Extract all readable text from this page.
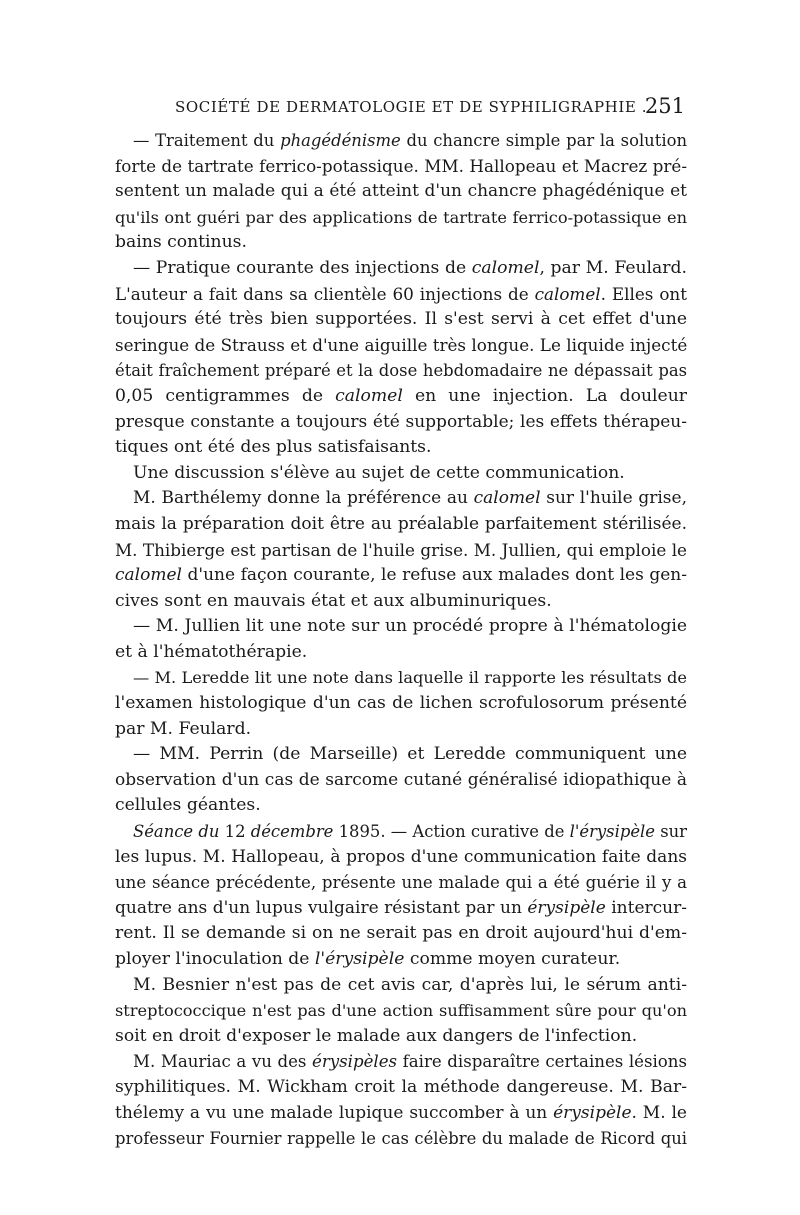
SOCIÉTÉ DE DERMATOLOGIE ET DE SYPHILIGRAPHIE .
251
— Traitement du phagédénisme du chancre simple par la solution
forte de tartrate ferrico-potassique. MM. Hallopeau et Macrez pré-
sentent un malade qui a été atteint d'un chancre phagédénique et
qu'ils ont guéri par des applications de tartrate ferrico-potassique en
bains continus.
— Pratique courante des injections de calomel, par M. Feulard.
L'auteur a fait dans sa clientèle 60 injections de calomel. Elles ont
toujours été très bien supportées. Il s'est servi à cet effet d'une
seringue de Strauss et d'une aiguille très longue. Le liquide injecté
était fraîchement préparé et la dose hebdomadaire ne dépassait pas
0,05 centigrammes de calomel en une injection. La douleur
presque constante a toujours été supportable; les effets thérapeu-
tiques ont été des plus satisfaisants.
Une discussion s'élève au sujet de cette communication.
M. Barthélemy donne la préférence au calomel sur l'huile grise,
mais la préparation doit être au préalable parfaitement stérilisée.
M. Thibierge est partisan de l'huile grise. M. Jullien, qui emploie le
calomel d'une façon courante, le refuse aux malades dont les gen-
cives sont en mauvais état et aux albuminuriques.
— M. Jullien lit une note sur un procédé propre à l'hématologie
et à l'hématothérapie.
— M. Leredde lit une note dans laquelle il rapporte les résultats de
l'examen histologique d'un cas de lichen scrofulosorum présenté
par M. Feulard.
— MM. Perrin (de Marseille) et Leredde communiquent une
observation d'un cas de sarcome cutané généralisé idiopathique à
cellules géantes.
Séance du 12 décembre 1895. — Action curative de l'érysipèle sur
les lupus. M. Hallopeau, à propos d'une communication faite dans
une séance précédente, présente une malade qui a été guérie il y a
quatre ans d'un lupus vulgaire résistant par un érysipèle intercur-
rent. Il se demande si on ne serait pas en droit aujourd'hui d'em-
ployer l'inoculation de l'érysipèle comme moyen curateur.
M. Besnier n'est pas de cet avis car, d'après lui, le sérum anti-
streptococcique n'est pas d'une action suffisamment sûre pour qu'on
soit en droit d'exposer le malade aux dangers de l'infection.
M. Mauriac a vu des érysipèles faire disparaître certaines lésions
syphilitiques. M. Wickham croit la méthode dangereuse. M. Bar-
thélemy a vu une malade lupique succomber à un érysipèle. M. le
professeur Fournier rappelle le cas célèbre du malade de Ricord qui
